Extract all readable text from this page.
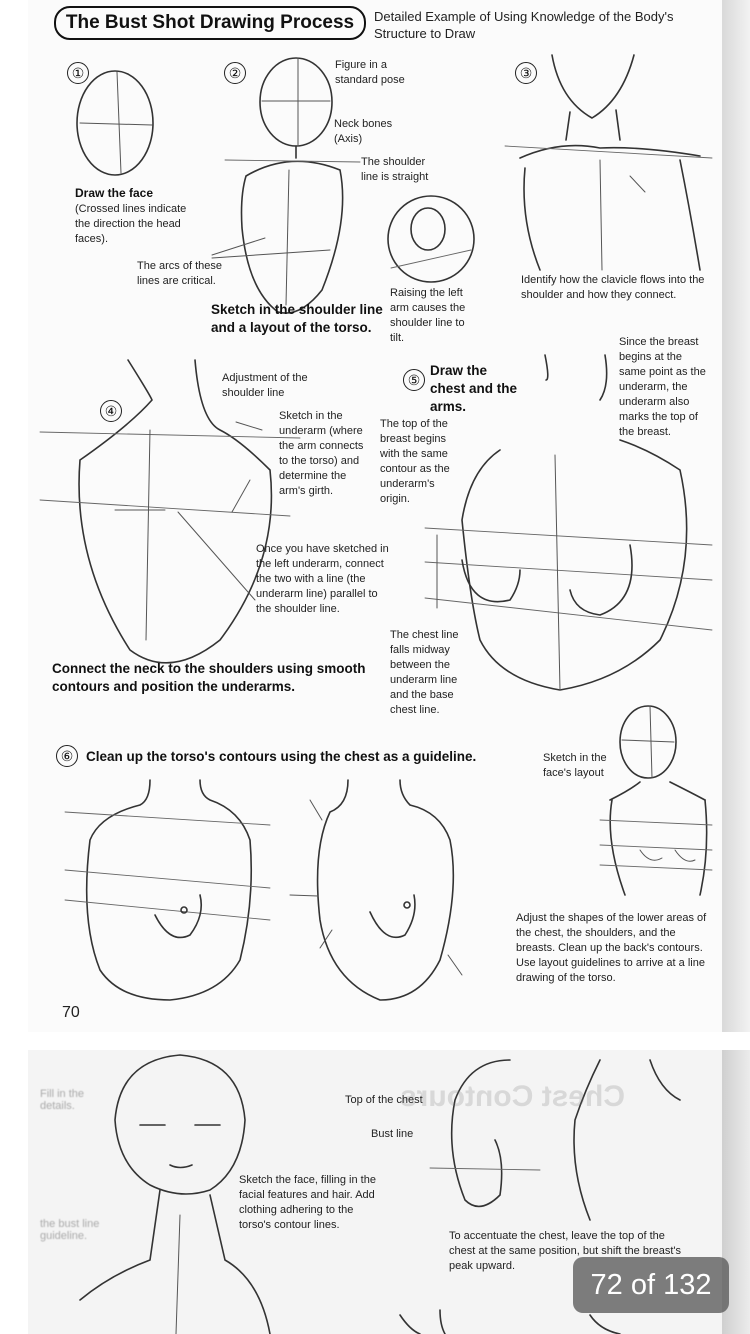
The Bust Shot Drawing Process	Detailed Example of Using Knowledge of the Body's Structure to Draw
①
Draw the face
(Crossed lines indicate the direction the head faces).
②	Figure in a standard pose
Neck bones (Axis)
The shoulder line is straight
The arcs of these lines are critical.
Sketch in the shoulder line and a layout of the torso.
Raising the left arm causes the shoulder line to tilt.
③
Identify how the clavicle flows into the shoulder and how they connect.
④
Adjustment of the shoulder line
Sketch in the underarm (where the arm connects to the torso) and determine the arm's girth.
Once you have sketched in the left underarm, connect the two with a line (the underarm line) parallel to the shoulder line.
Connect the neck to the shoulders using smooth contours and position the underarms.
⑤
Draw the chest and the arms.
The top of the breast begins with the same contour as the underarm's origin.
Since the breast begins at the same point as the underarm, the underarm also marks the top of the breast.
The chest line falls midway between the underarm line and the base chest line.
⑥ Clean up the torso's contours using the chest as a guideline.	Sketch in the face's layout
Adjust the shapes of the lower areas of the chest, the shoulders, and the breasts. Clean up the back's contours. Use layout guidelines to arrive at a line drawing of the torso.
70
Chest Contours
Fill in the details.
the bust line guideline.
Sketch the face, filling in the facial features and hair. Add clothing adhering to the torso's contour lines.
Top of the chest
Bust line
To accentuate the chest, leave the top of the chest at the same position, but shift the breast's peak upward.
72 of 132
